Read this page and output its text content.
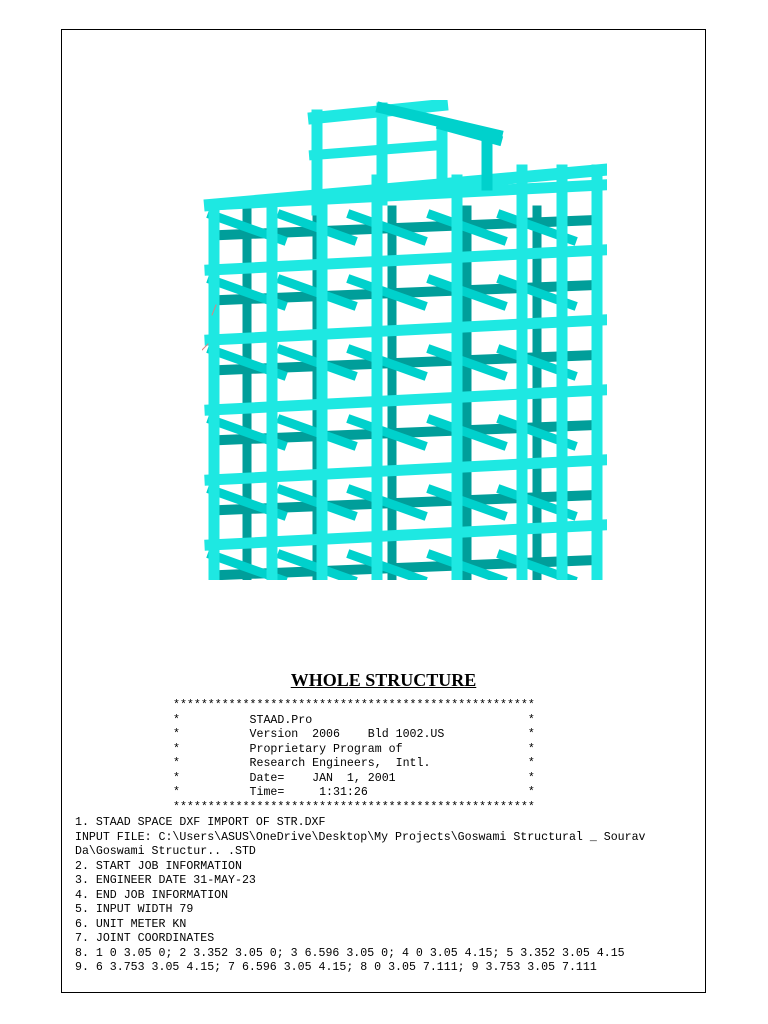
WHOLE STRUCTURE
****************************************************
*          STAAD.Pro                               *
*          Version  2006    Bld 1002.US            *
*          Proprietary Program of                  *
*          Research Engineers,  Intl.              *
*          Date=    JAN  1, 2001                   *
*          Time=     1:31:26                       *
****************************************************
1. STAAD SPACE DXF IMPORT OF STR.DXF
INPUT FILE: C:\Users\ASUS\OneDrive\Desktop\My Projects\Goswami Structural _ Sourav
Da\Goswami Structur.. .STD
2. START JOB INFORMATION
3. ENGINEER DATE 31-MAY-23
4. END JOB INFORMATION
5. INPUT WIDTH 79
6. UNIT METER KN
7. JOINT COORDINATES
8. 1 0 3.05 0; 2 3.352 3.05 0; 3 6.596 3.05 0; 4 0 3.05 4.15; 5 3.352 3.05 4.15
9. 6 3.753 3.05 4.15; 7 6.596 3.05 4.15; 8 0 3.05 7.111; 9 3.753 3.05 7.111
